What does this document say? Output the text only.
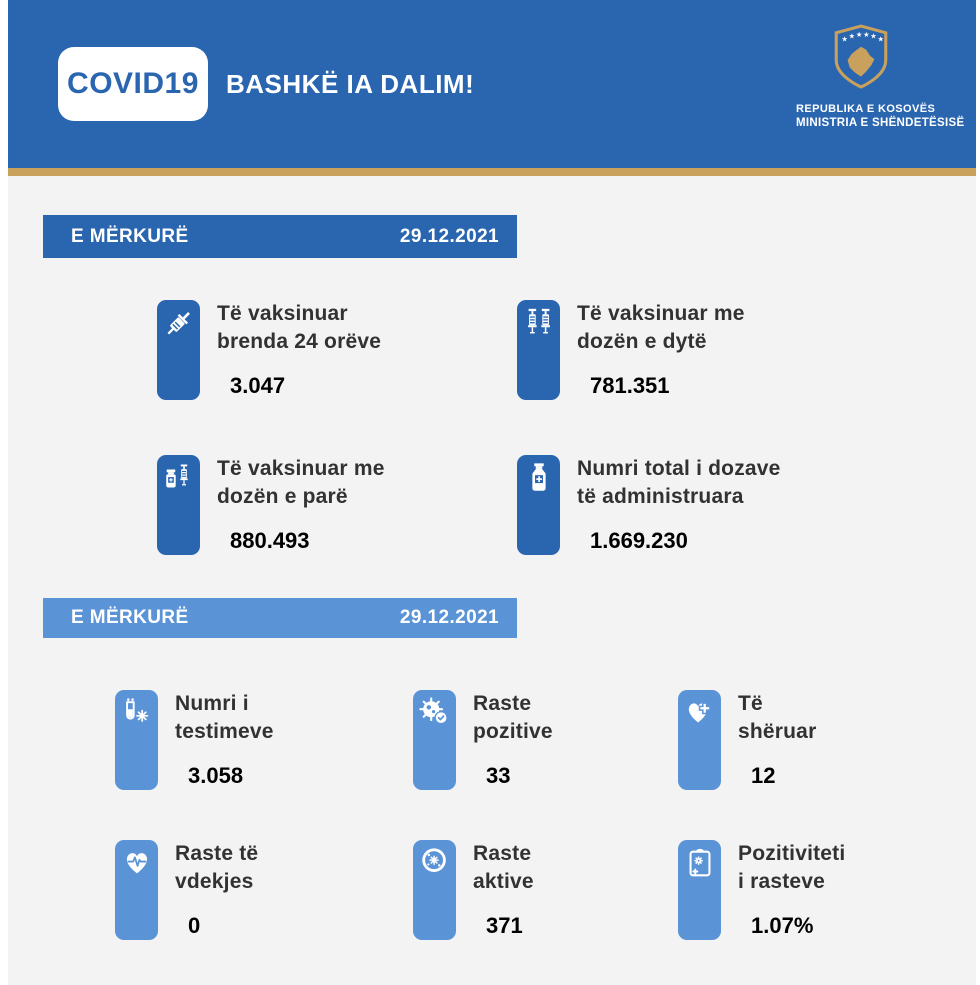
COVID19 BASHKË IA DALIM!
★ ★ ★ ★ ★ ★
REPUBLIKA E KOSOVËS
MINISTRIA E SHËNDETËSISË
E MËRKURË	29.12.2021
Të vaksinuar
brenda 24 orëve
3.047
Të vaksinuar me
dozën e dytë
781.351
Të vaksinuar me
dozën e parë
880.493
Numri total i dozave
të administruara
1.669.230
E MËRKURË	29.12.2021
Numri i
testimeve
3.058
Raste
pozitive
33
Të
shëruar
12
Raste të
vdekjes
0
Raste
aktive
371
Pozitiviteti
i rasteve
1.07%
